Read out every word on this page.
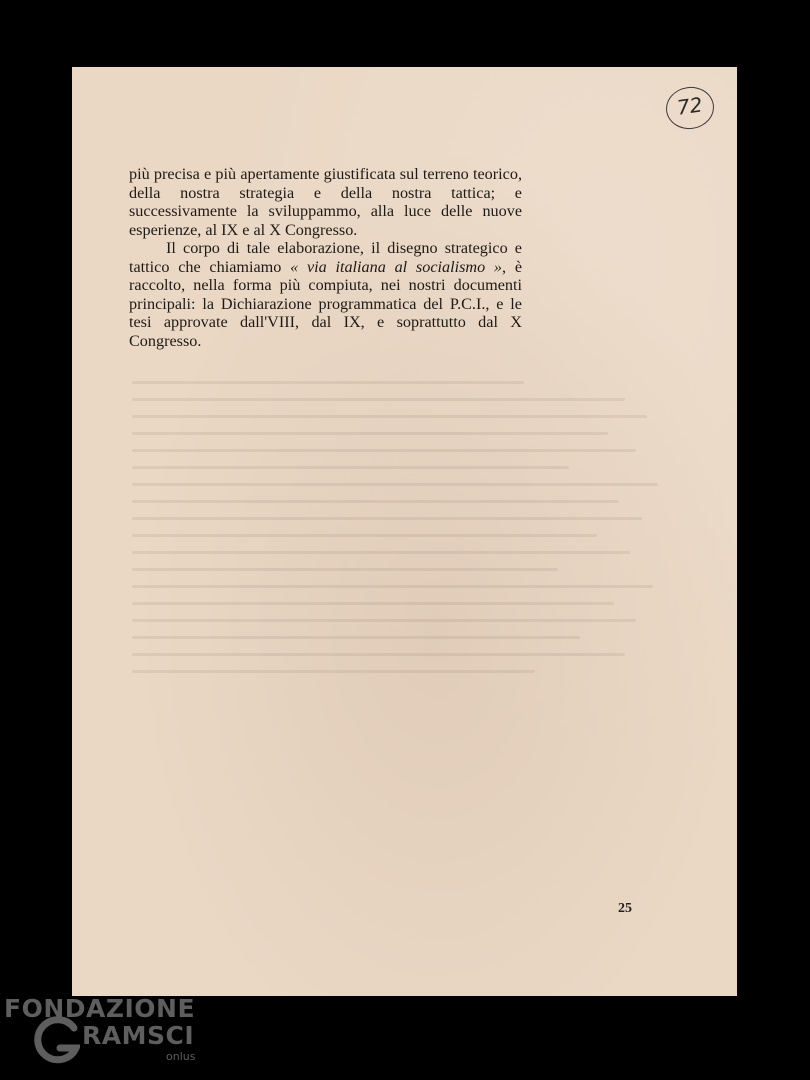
72

più precisa e più apertamente giustificata sul terreno teorico, della nostra strategia e della nostra tattica; e successivamente la sviluppammo, alla luce delle nuove esperienze, al IX e al X Congresso.

Il corpo di tale elaborazione, il disegno strategico e tattico che chiamiamo « via italiana al socialismo », è raccolto, nella forma più compiuta, nei nostri documenti principali: la Dichiarazione programmatica del P.C.I., e le tesi approvate dall'VIII, dal IX, e soprattutto dal X Congresso.

25
FONDAZIONE
RAMSCI
onlus
